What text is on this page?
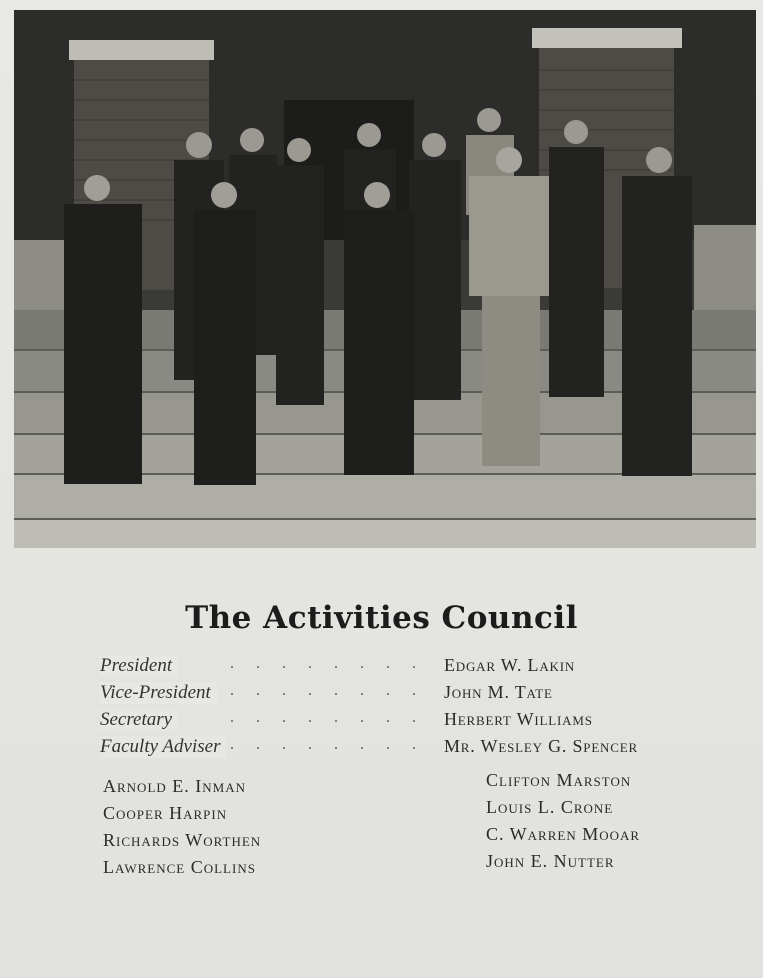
The Activities Council
. . . . . . . .
President	Edgar W. Lakin
. . . . . . . .
Vice-President	John M. Tate
. . . . . . . .
Secretary	Herbert Williams
. . . . . . . .
Faculty Adviser	Mr. Wesley G. Spencer
Arnold E. Inman
Cooper Harpin
Richards Worthen
Lawrence Collins
Clifton Marston
Louis L. Crone
C. Warren Mooar
John E. Nutter
